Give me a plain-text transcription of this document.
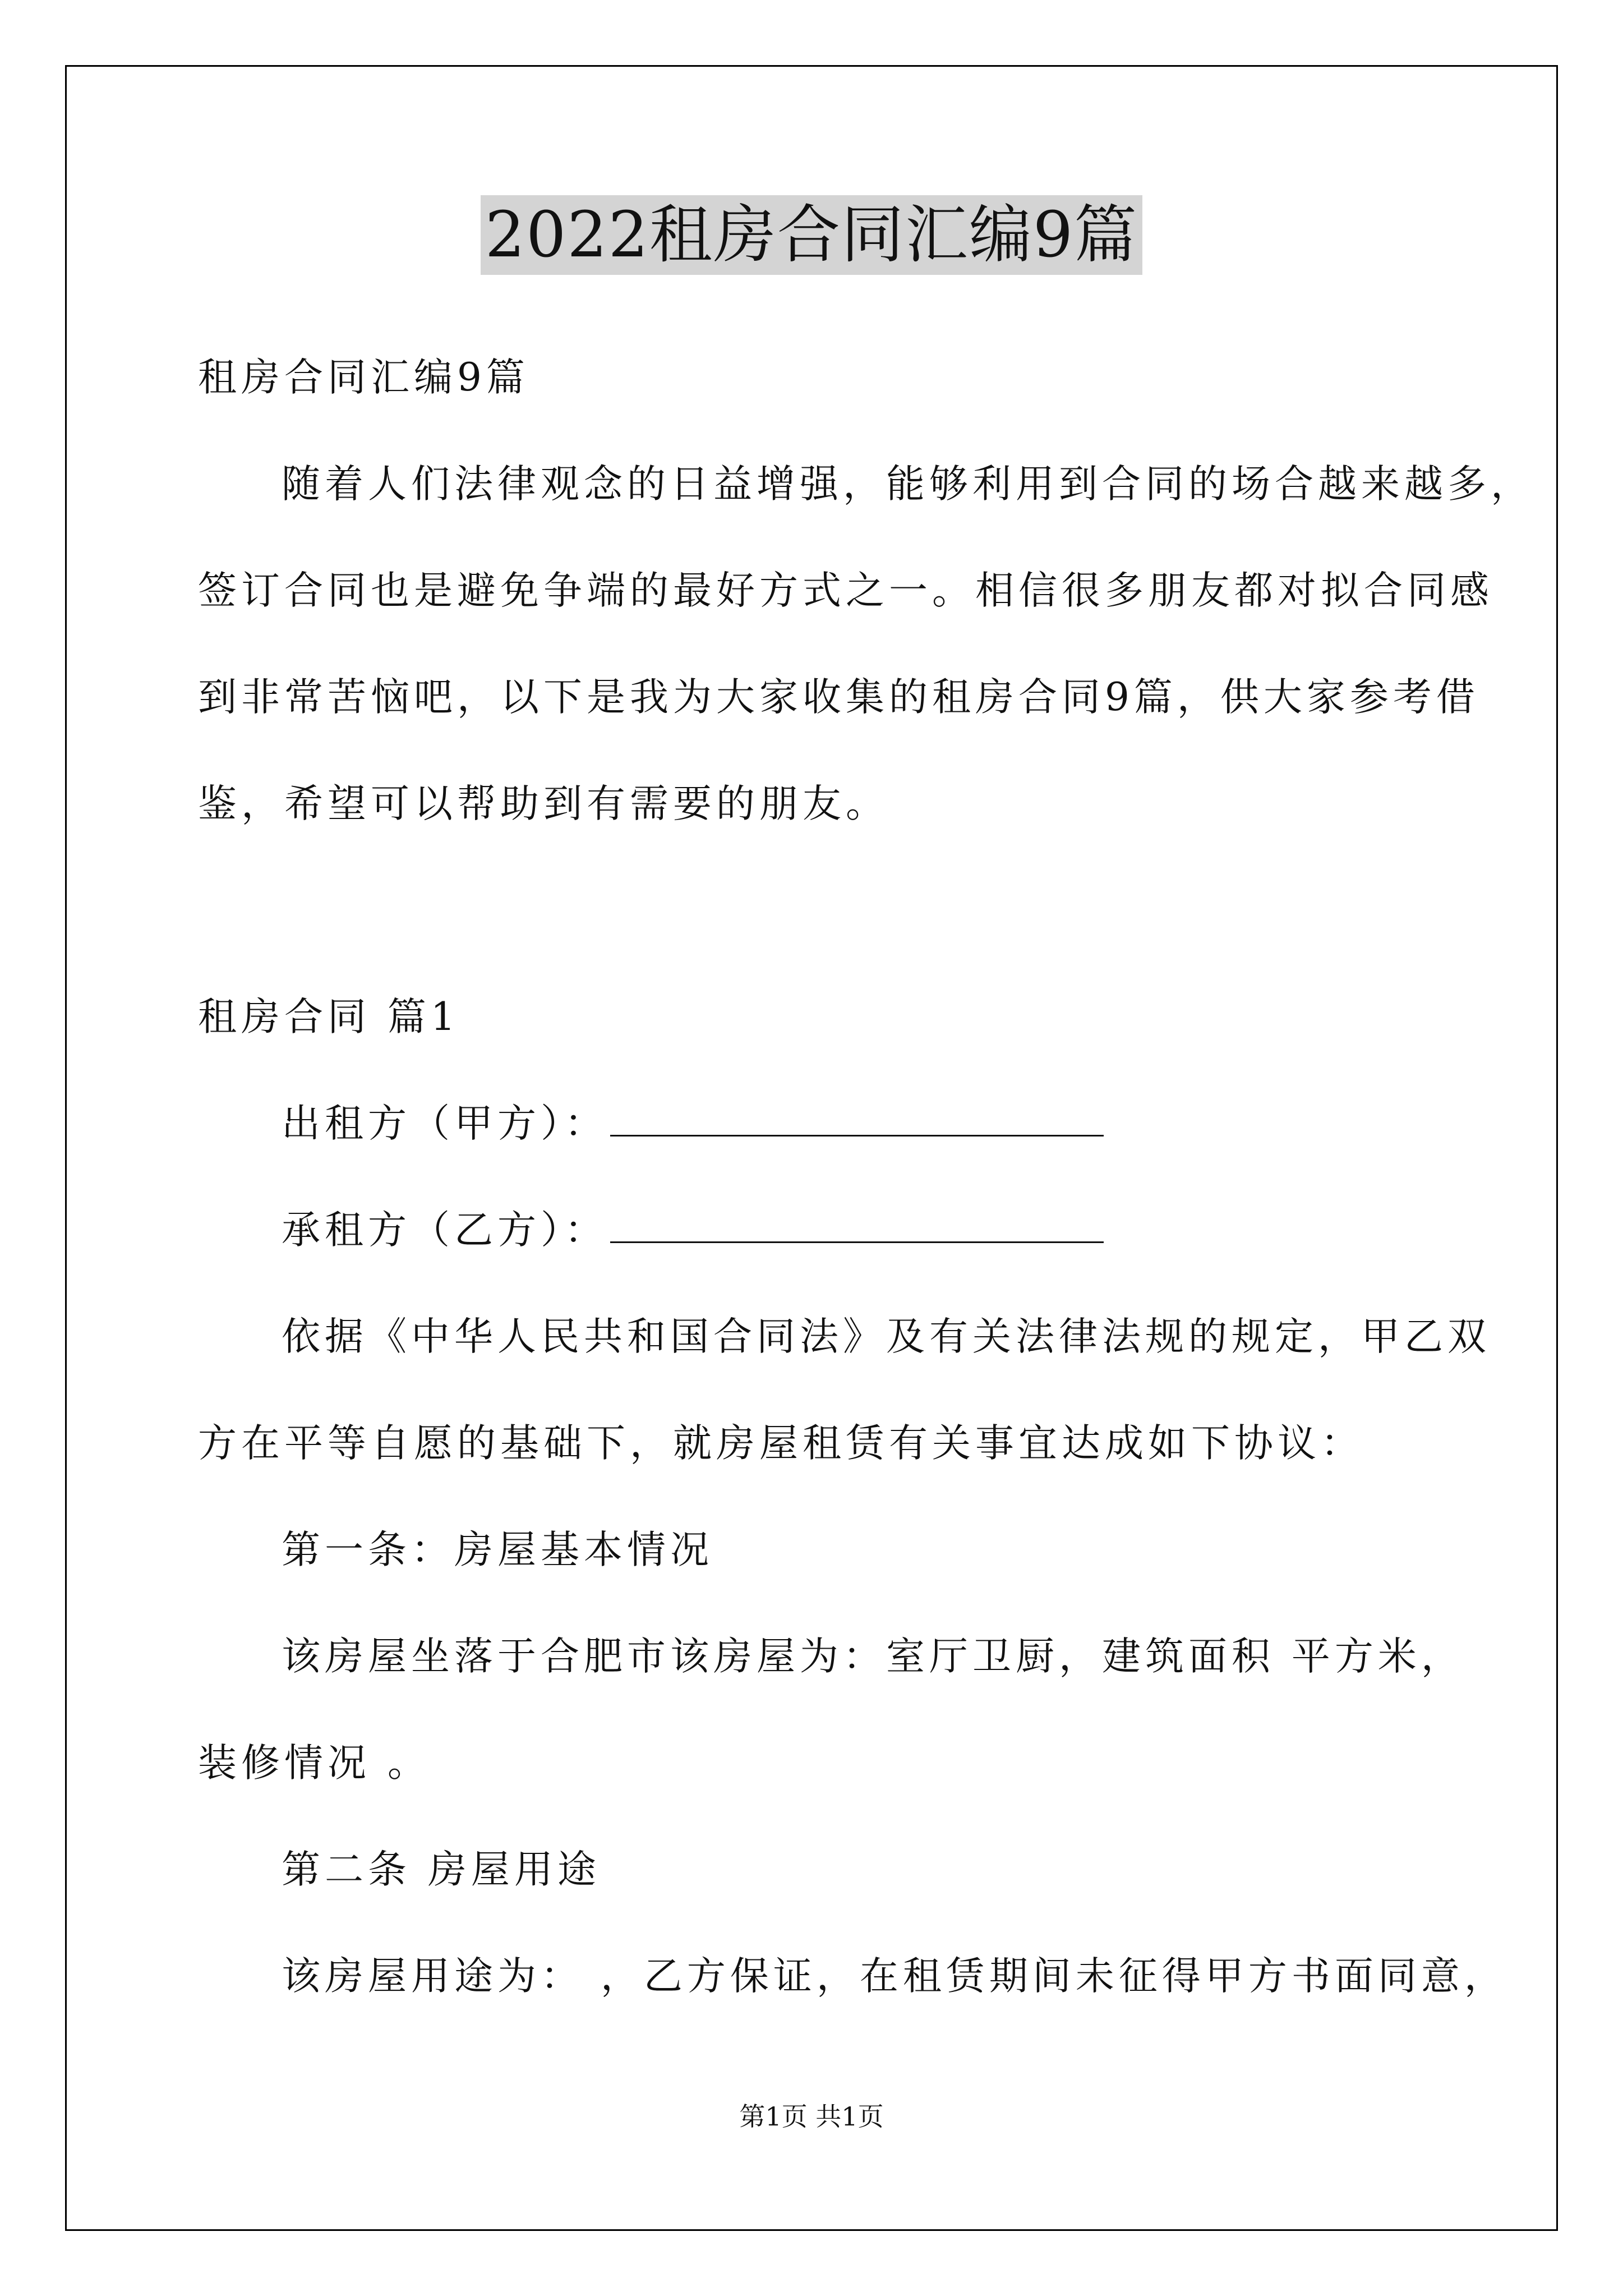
2022租房合同汇编9篇
租房合同汇编9篇
随着人们法律观念的日益增强，能够利用到合同的场合越来越多，
签订合同也是避免争端的最好方式之一。相信很多朋友都对拟合同感
到非常苦恼吧，以下是我为大家收集的租房合同9篇，供大家参考借
鉴，希望可以帮助到有需要的朋友。
租房合同 篇1
出租方（甲方）：
承租方（乙方）：
依据《中华人民共和国合同法》及有关法律法规的规定，甲乙双
方在平等自愿的基础下，就房屋租赁有关事宜达成如下协议：
第一条：房屋基本情况
该房屋坐落于合肥市该房屋为：室厅卫厨，建筑面积 平方米，
装修情况 。
第二条 房屋用途
该房屋用途为： ，乙方保证，在租赁期间未征得甲方书面同意，
第1页 共1页
